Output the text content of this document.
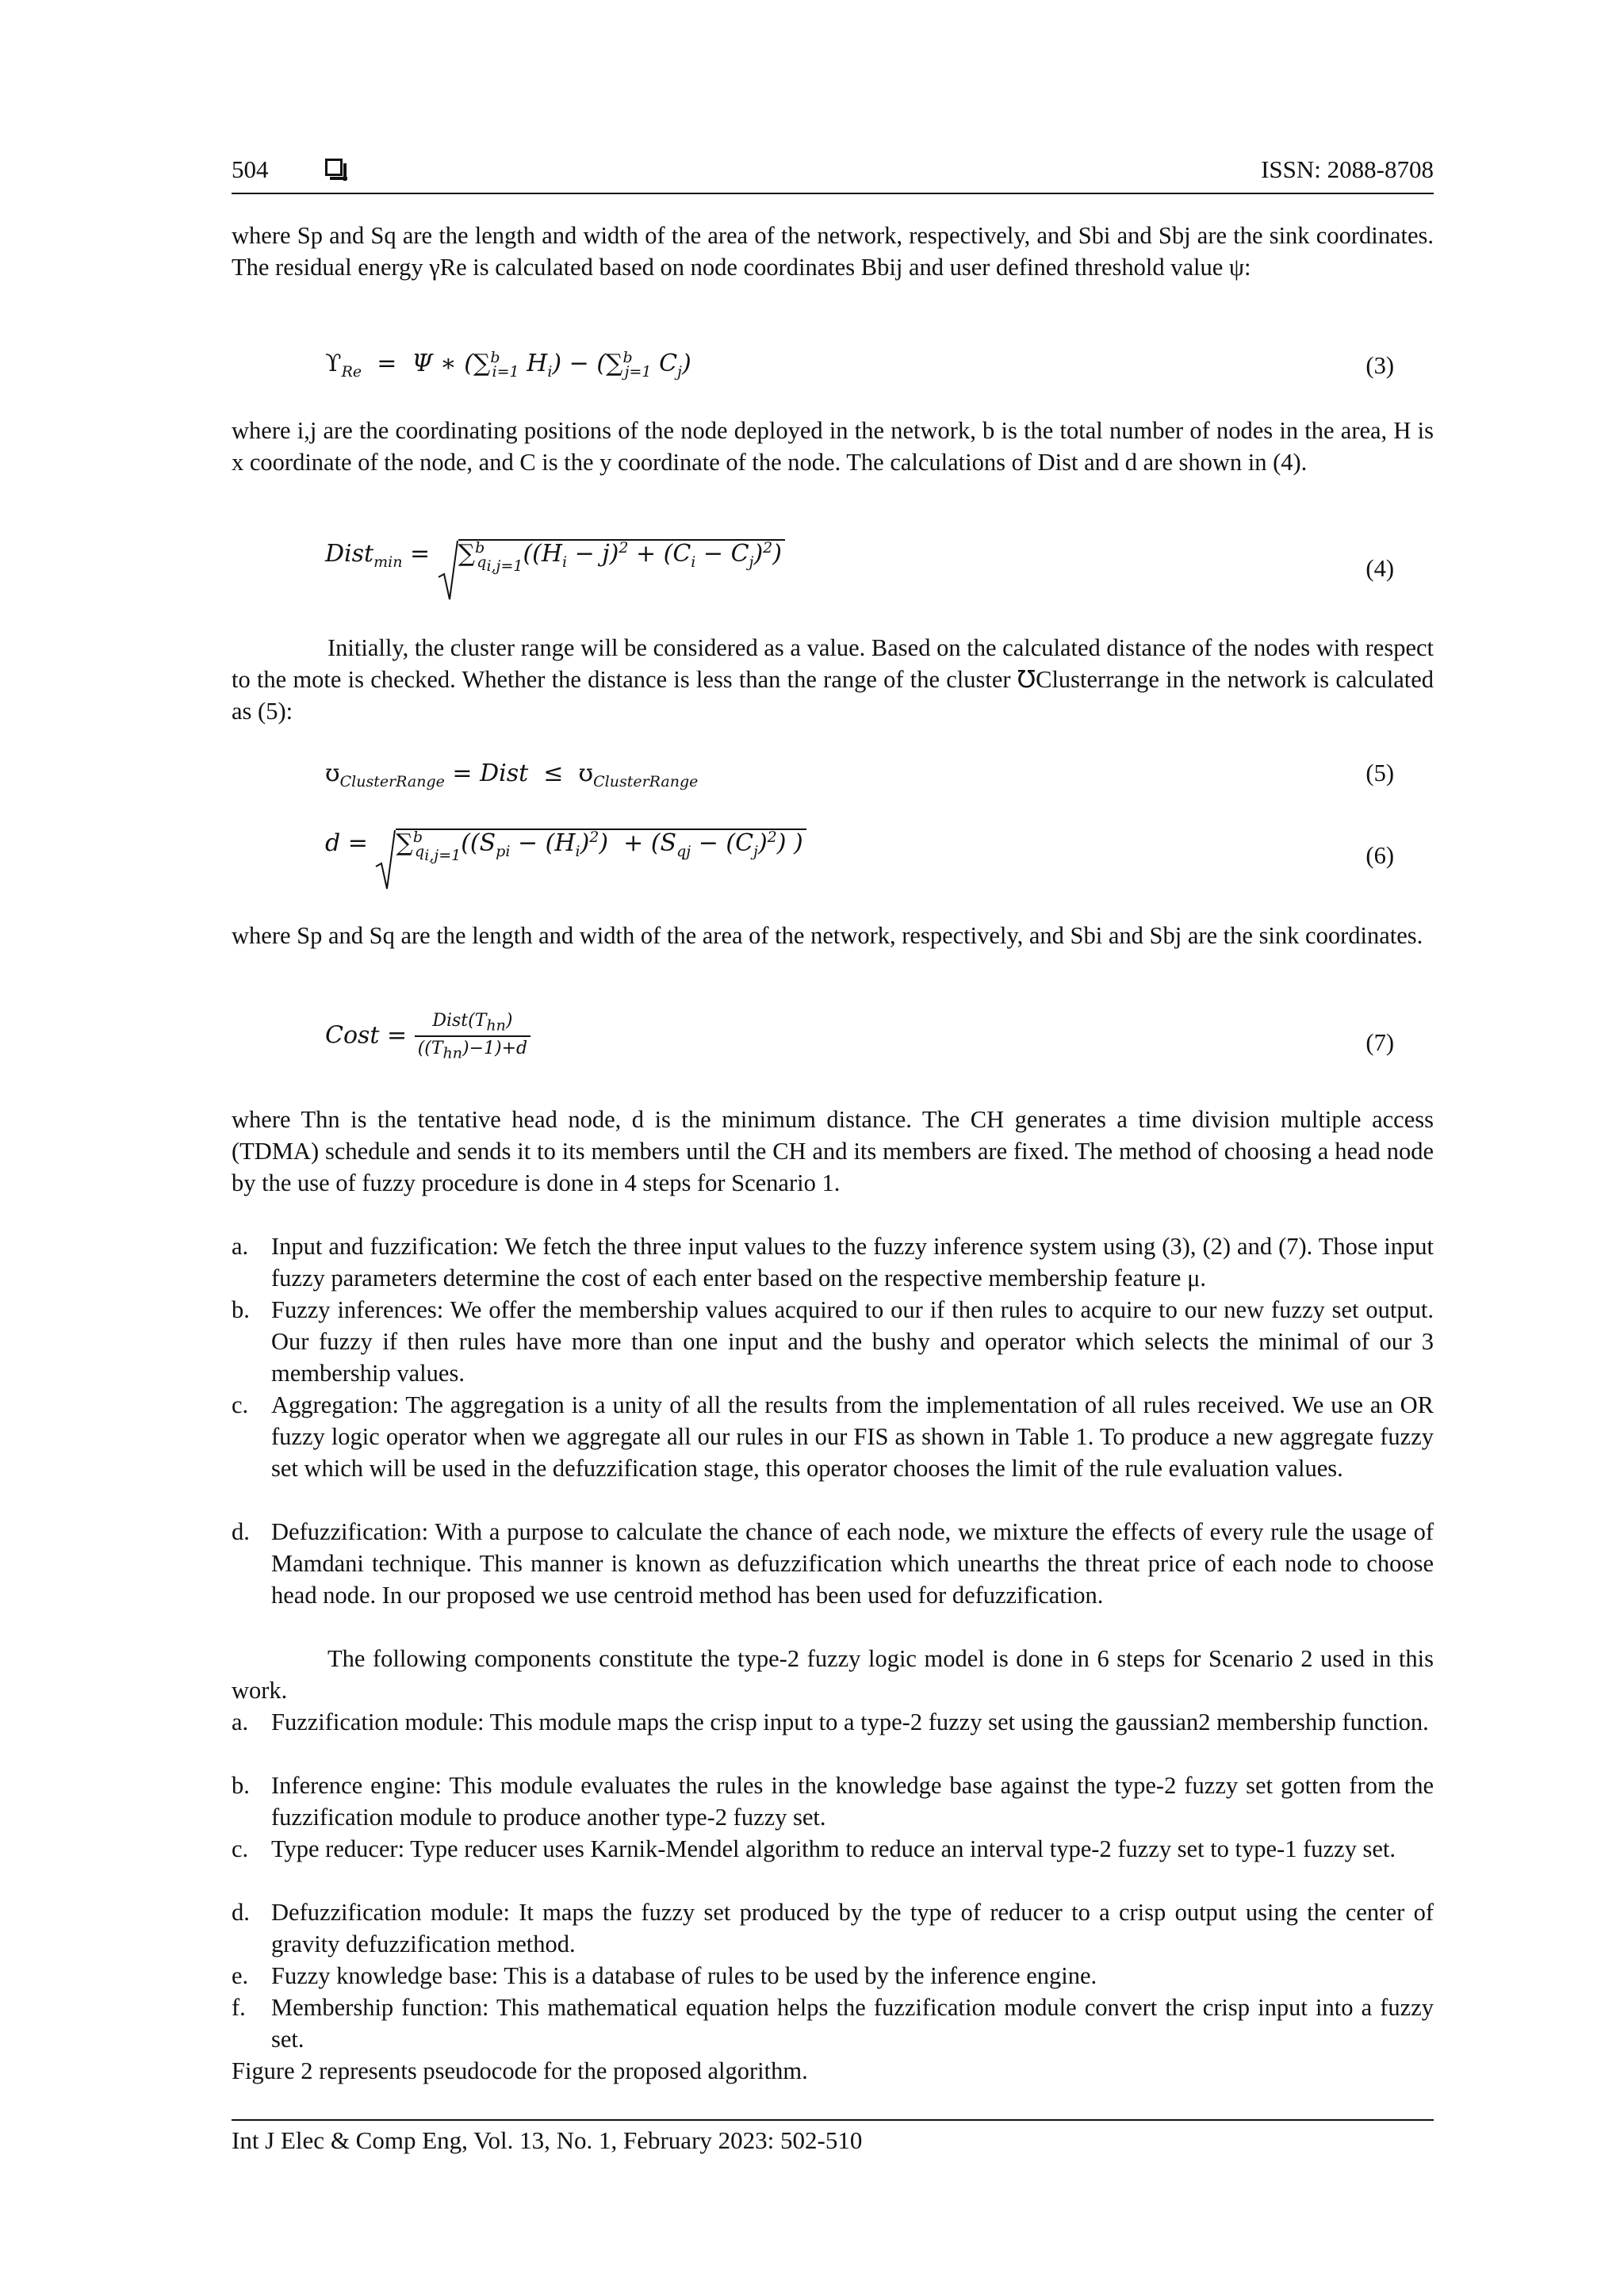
504	ISSN: 2088-8708
where Sp and Sq are the length and width of the area of the network, respectively, and Sbi and Sbj are the sink coordinates. The residual energy γRe is calculated based on node coordinates Bbij and user defined threshold value ψ:
$ϒ_{Re} = \Psi$ ∗ (∑$^b_{i=1}$ $H_i) - (\sum^b_{j=1}$ $C_j$)	(3)
where i,j are the coordinating positions of the node deployed in the network, b is the total number of nodes in the area, H is x coordinate of the node, and C is the y coordinate of the node. The calculations of Dist and d are shown in (4).
Dist$_{min}$ =
$\sum^b_{q_{i,j=1}}((H_i - j)^2 + (C_i - C_j)^2)$
(4)
Initially, the cluster range will be considered as a value. Based on the calculated distance of the nodes with respect to the mote is checked. Whether the distance is less than the range of the cluster ℧Clusterrange in the network is calculated as (5):
ʊ$_{ClusterRange}$ = Dist  ≤  ʊ$_{ClusterRange}$	(5)
d =
$\sum^b_{q_{i,j=1}}((S_{pi} - (H_i)^2) + (S_{qj} - (C_j)^2)$ )	(6)
where Sp and Sq are the length and width of the area of the network, respectively, and Sbi and Sbj are the sink coordinates.
Cost = $\frac{Dist(T_{hn})}{((T_{hn})-1)+d}$	(7)
where Thn is the tentative head node, d is the minimum distance. The CH generates a time division multiple access (TDMA) schedule and sends it to its members until the CH and its members are fixed. The method of choosing a head node by the use of fuzzy procedure is done in 4 steps for Scenario 1.
a. Input and fuzzification: We fetch the three input values to the fuzzy inference system using (3), (2) and (7). Those input fuzzy parameters determine the cost of each enter based on the respective membership feature μ.
b. Fuzzy inferences: We offer the membership values acquired to our if then rules to acquire to our new fuzzy set output. Our fuzzy if then rules have more than one input and the bushy and operator which selects the minimal of our 3 membership values.
c. Aggregation: The aggregation is a unity of all the results from the implementation of all rules received. We use an OR fuzzy logic operator when we aggregate all our rules in our FIS as shown in Table 1. To produce a new aggregate fuzzy set which will be used in the defuzzification stage, this operator chooses the limit of the rule evaluation values.
d. Defuzzification: With a purpose to calculate the chance of each node, we mixture the effects of every rule the usage of Mamdani technique. This manner is known as defuzzification which unearths the threat price of each node to choose head node. In our proposed we use centroid method has been used for defuzzification.
The following components constitute the type-2 fuzzy logic model is done in 6 steps for Scenario 2 used in this work.
a. Fuzzification module: This module maps the crisp input to a type-2 fuzzy set using the gaussian2 membership function.
b. Inference engine: This module evaluates the rules in the knowledge base against the type-2 fuzzy set gotten from the fuzzification module to produce another type-2 fuzzy set.
c. Type reducer: Type reducer uses Karnik-Mendel algorithm to reduce an interval type-2 fuzzy set to type-1 fuzzy set.
d. Defuzzification module: It maps the fuzzy set produced by the type of reducer to a crisp output using the center of gravity defuzzification method.
e. Fuzzy knowledge base: This is a database of rules to be used by the inference engine.
f. Membership function: This mathematical equation helps the fuzzification module convert the crisp input into a fuzzy set.
Figure 2 represents pseudocode for the proposed algorithm.
Int J Elec & Comp Eng, Vol. 13, No. 1, February 2023: 502-510
